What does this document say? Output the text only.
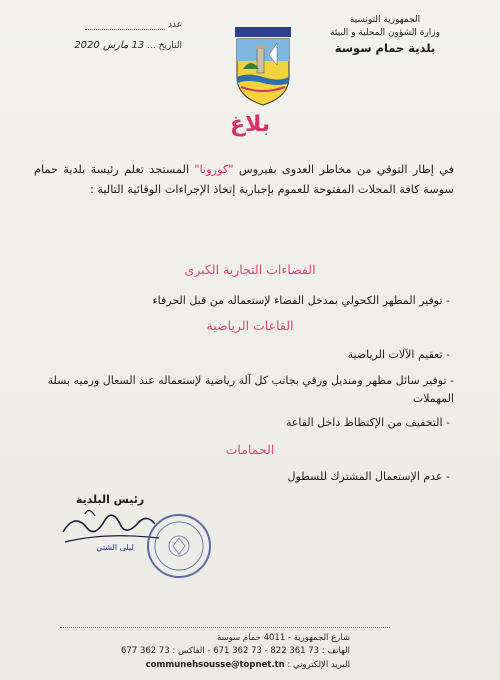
الجمهورية التونسية
وزارة الشؤون المحلية و البيئة
بلدية حمام سوسة
عدد
التاريخ ... 13 مارس 2020
بلاغ
في إطار التوقي من مخاطر العدوى بفيروس "كورونا" المستجد تعلم رئيسة بلدية حمام سوسة كافة المحلات المفتوحة للعموم بإجبارية إتخاذ الإجراءات الوقائية التالية :
الفضاءات التجارية الكبرى
- توفير المطهر الكحولي بمدخل الفضاء لإستعماله من قبل الحرفاء
القاعات الرياضية
- تعقيم الآلات الرياضية
- توفير سائل مطهر ومنديل ورقي بجانب كل آلة رياضية لإستعماله عند السعال ورميه بسلة المهملات
- التخفيف من الإكتظاظ داخل القاعة
الحمامات
- عدم الإستعمال المشترك للسطول
رئيس البلدية
ليلى الشتي
شارع الجمهورية - 4011 حمام سوسة
الهاتف : 73 361 822 - 73 362 671 - الفاكس : 73 362 677
البريد الإلكتروني : communehsousse@topnet.tn
